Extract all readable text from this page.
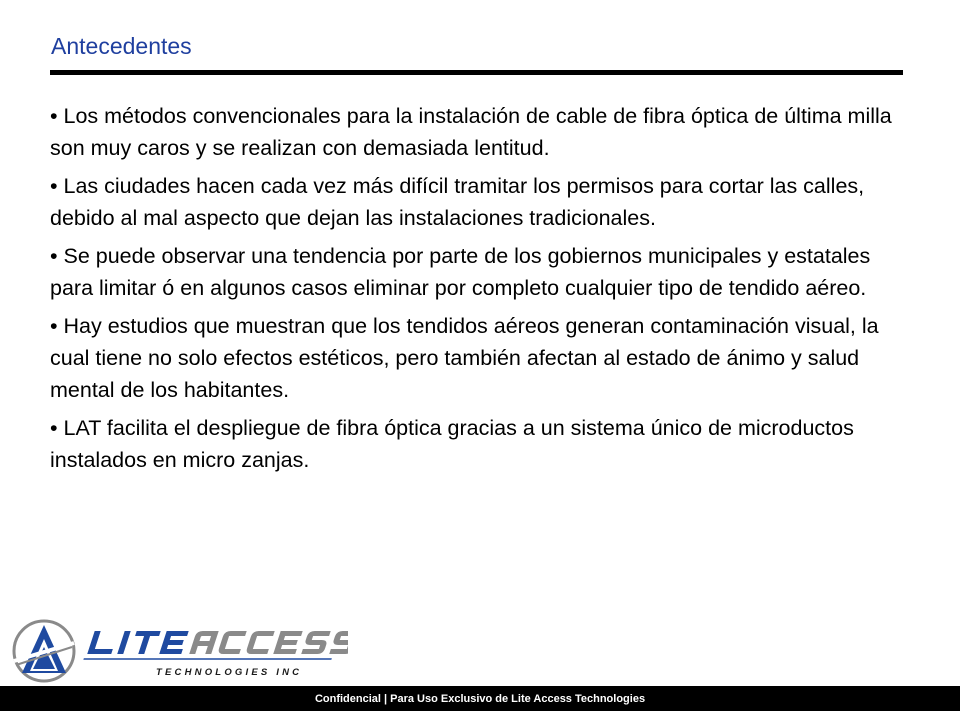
Antecedentes
• Los métodos convencionales para la instalación de cable de fibra óptica de última milla son muy caros y se realizan con demasiada lentitud.
• Las ciudades hacen cada vez más difícil tramitar los permisos para cortar las calles, debido al mal aspecto que dejan las instalaciones tradicionales.
• Se puede observar una tendencia por parte de los gobiernos municipales y estatales para limitar ó en algunos casos eliminar por completo cualquier tipo de tendido aéreo.
• Hay estudios que muestran que los tendidos aéreos generan contaminación visual, la cual tiene no solo efectos estéticos, pero también afectan al estado de ánimo y salud mental de los habitantes.
• LAT facilita el despliegue de fibra óptica gracias a un sistema único de microductos instalados en micro zanjas.
TECHNOLOGIES INC
Confidencial | Para Uso Exclusivo de Lite Access Technologies
